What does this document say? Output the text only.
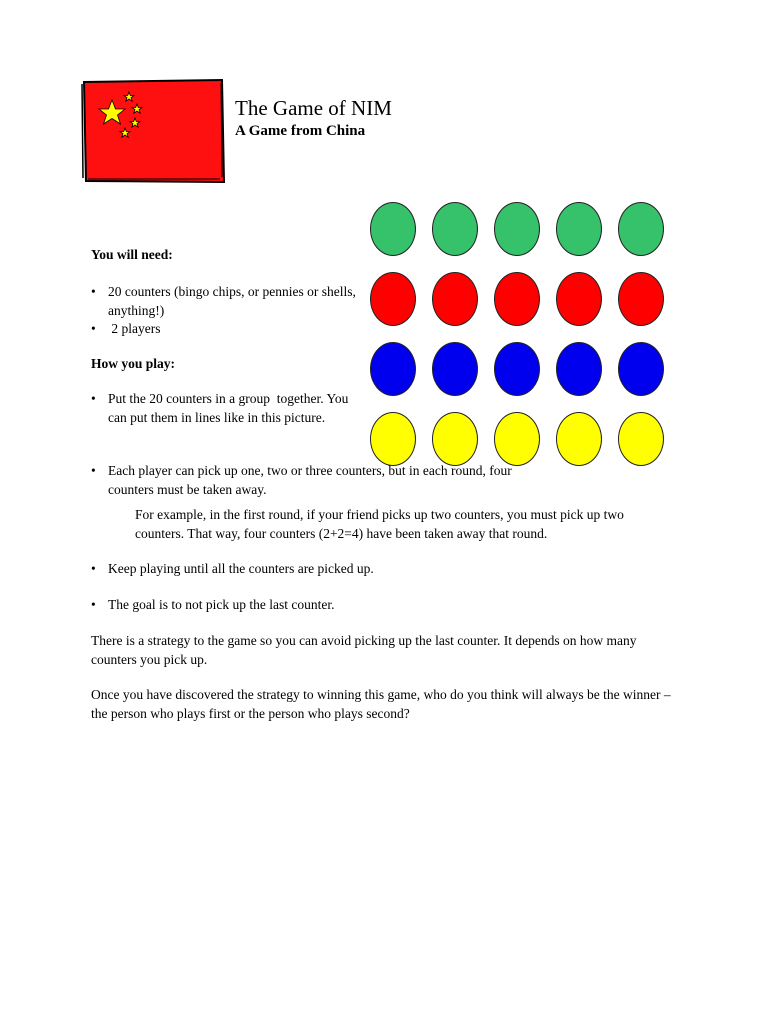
The Game of NIM
A Game from China
You will need:
• 20 counters (bingo chips, or pennies or shells, anything!)
• 2 players
How you play:
• Put the 20 counters in a group  together. You can put them in lines like in this picture.
• Each player can pick up one, two or three counters, but in each round, four counters must be taken away.
For example, in the first round, if your friend picks up two counters, you must pick up two counters. That way, four counters (2+2=4) have been taken away that round.
• Keep playing until all the counters are picked up.
• The goal is to not pick up the last counter.
There is a strategy to the game so you can avoid picking up the last counter. It depends on how many counters you pick up.
Once you have discovered the strategy to winning this game, who do you think will always be the winner – the person who plays first or the person who plays second?
